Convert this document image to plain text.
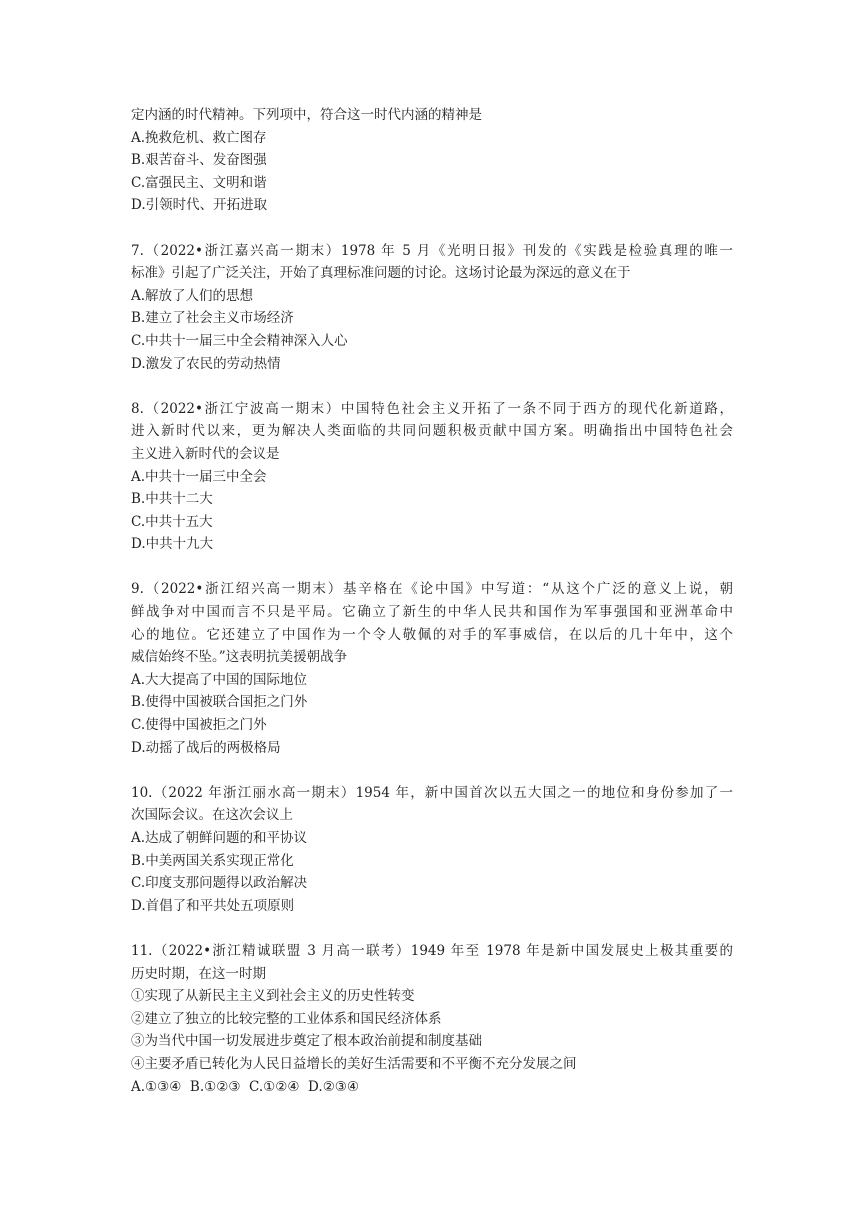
定内涵的时代精神。下列项中，符合这一时代内涵的精神是
A.挽救危机、救亡图存
B.艰苦奋斗、发奋图强
C.富强民主、文明和谐
D.引领时代、开拓进取
7.（2022•浙江嘉兴高一期末）1978 年 5 月《光明日报》刊发的《实践是检验真理的唯一
标准》引起了广泛关注，开始了真理标准问题的讨论。这场讨论最为深远的意义在于
A.解放了人们的思想
B.建立了社会主义市场经济
C.中共十一届三中全会精神深入人心
D.激发了农民的劳动热情
8.（2022•浙江宁波高一期末）中国特色社会主义开拓了一条不同于西方的现代化新道路，
进入新时代以来，更为解决人类面临的共同问题积极贡献中国方案。明确指出中国特色社会
主义进入新时代的会议是
A.中共十一届三中全会
B.中共十二大
C.中共十五大
D.中共十九大
9.（2022•浙江绍兴高一期末）基辛格在《论中国》中写道：“从这个广泛的意义上说，朝
鲜战争对中国而言不只是平局。它确立了新生的中华人民共和国作为军事强国和亚洲革命中
心的地位。它还建立了中国作为一个令人敬佩的对手的军事威信，在以后的几十年中，这个
威信始终不坠。”这表明抗美援朝战争
A.大大提高了中国的国际地位
B.使得中国被联合国拒之门外
C.使得中国被拒之门外
D.动摇了战后的两极格局
10.（2022 年浙江丽水高一期末）1954 年，新中国首次以五大国之一的地位和身份参加了一
次国际会议。在这次会议上
A.达成了朝鲜问题的和平协议
B.中美两国关系实现正常化
C.印度支那问题得以政治解决
D.首倡了和平共处五项原则
11.（2022•浙江精诚联盟 3 月高一联考）1949 年至 1978 年是新中国发展史上极其重要的
历史时期，在这一时期
①实现了从新民主主义到社会主义的历史性转变
②建立了独立的比较完整的工业体系和国民经济体系
③为当代中国一切发展进步奠定了根本政治前提和制度基础
④主要矛盾已转化为人民日益增长的美好生活需要和不平衡不充分发展之间
A.①③④  B.①②③  C.①②④  D.②③④
